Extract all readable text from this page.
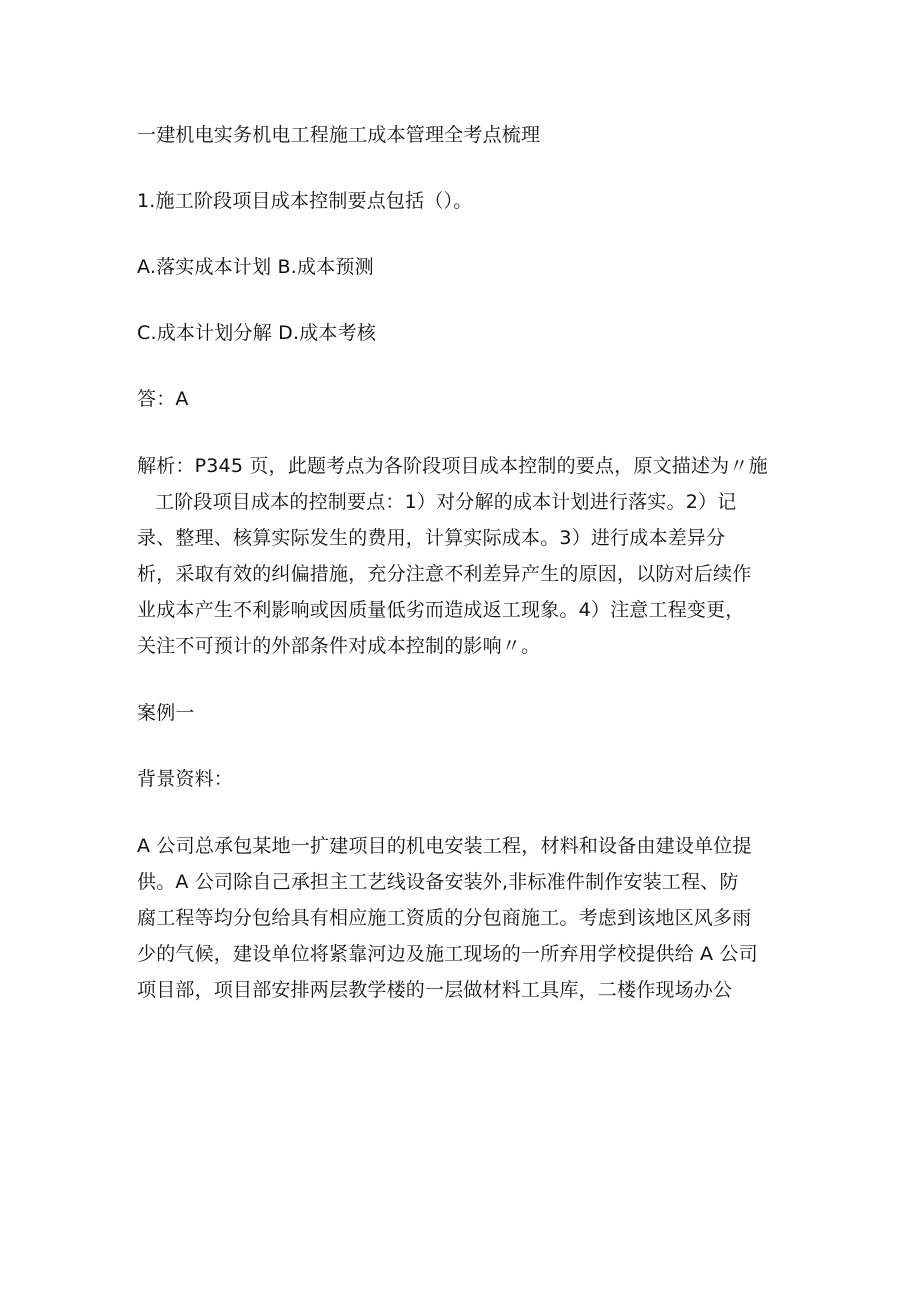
一建机电实务机电工程施工成本管理全考点梳理
1.施工阶段项目成本控制要点包括（）。
A.落实成本计划 B.成本预测
C.成本计划分解 D.成本考核
答：A
解析：P345 页，此题考点为各阶段项目成本控制的要点，原文描述为〃施
工阶段项目成本的控制要点：1）对分解的成本计划进行落实。2）记
录、整理、核算实际发生的费用，计算实际成本。3）进行成本差异分
析，采取有效的纠偏措施，充分注意不利差异产生的原因，以防对后续作
业成本产生不利影响或因质量低劣而造成返工现象。4）注意工程变更，
关注不可预计的外部条件对成本控制的影响〃。
案例一
背景资料：
A 公司总承包某地一扩建项目的机电安装工程，材料和设备由建设单位提
供。A 公司除自己承担主工艺线设备安装外,非标准件制作安装工程、防
腐工程等均分包给具有相应施工资质的分包商施工。考虑到该地区风多雨
少的气候，建设单位将紧靠河边及施工现场的一所弃用学校提供给 A 公司
项目部，项目部安排两层教学楼的一层做材料工具库，二楼作现场办公
